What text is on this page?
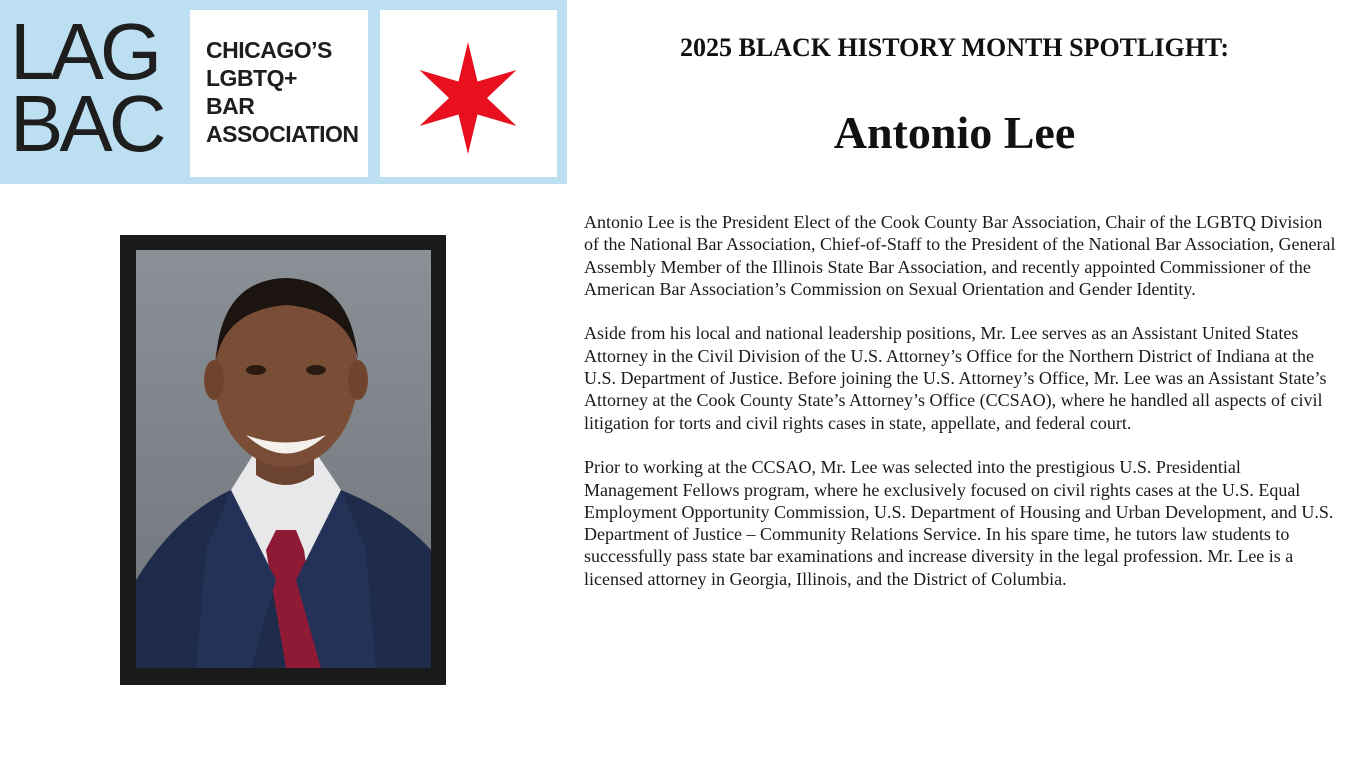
LAG
BAC
CHICAGO’S
LGBTQ+
BAR
ASSOCIATION
2025 BLACK HISTORY MONTH SPOTLIGHT:
Antonio Lee

Antonio Lee is the President Elect of the Cook County Bar Association, Chair of the LGBTQ Division of the National Bar Association, Chief-of-Staff to the President of the National Bar Association, General Assembly Member of the Illinois State Bar Association, and recently appointed Commissioner of the American Bar Association’s Commission on Sexual Orientation and Gender Identity.

Aside from his local and national leadership positions, Mr. Lee serves as an Assistant United States Attorney in the Civil Division of the U.S. Attorney’s Office for the Northern District of Indiana at the U.S. Department of Justice. Before joining the U.S. Attorney’s Office, Mr. Lee was an Assistant State’s Attorney at the Cook County State’s Attorney’s Office (CCSAO), where he handled all aspects of civil litigation for torts and civil rights cases in state, appellate, and federal court.

Prior to working at the CCSAO, Mr. Lee was selected into the prestigious U.S. Presidential Management Fellows program, where he exclusively focused on civil rights cases at the U.S. Equal Employment Opportunity Commission, U.S. Department of Housing and Urban Development, and U.S. Department of Justice – Community Relations Service. In his spare time, he tutors law students to successfully pass state bar examinations and increase diversity in the legal profession. Mr. Lee is a licensed attorney in Georgia, Illinois, and the District of Columbia.
